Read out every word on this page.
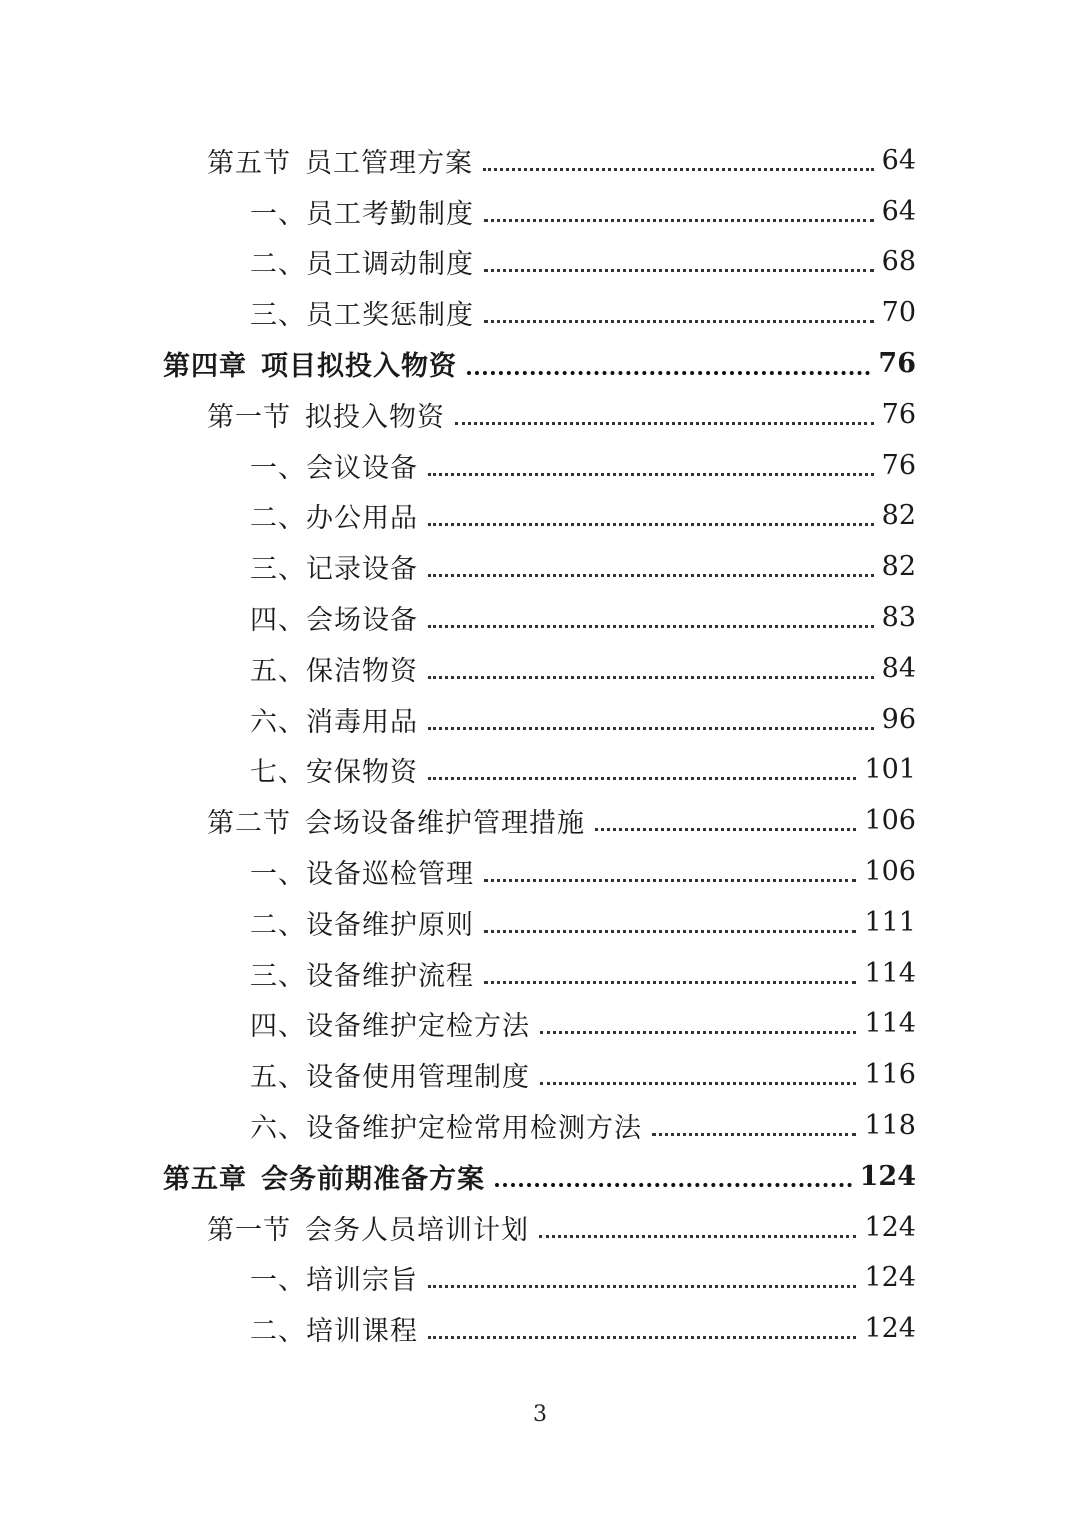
第五节 员工管理方案	64
一、员工考勤制度	64
二、员工调动制度	68
三、员工奖惩制度	70
第四章 项目拟投入物资	76
第一节 拟投入物资	76
一、会议设备	76
二、办公用品	82
三、记录设备	82
四、会场设备	83
五、保洁物资	84
六、消毒用品	96
七、安保物资	101
第二节 会场设备维护管理措施	106
一、设备巡检管理	106
二、设备维护原则	111
三、设备维护流程	114
四、设备维护定检方法	114
五、设备使用管理制度	116
六、设备维护定检常用检测方法	118
第五章 会务前期准备方案	124
第一节 会务人员培训计划	124
一、培训宗旨	124
二、培训课程	124
3
